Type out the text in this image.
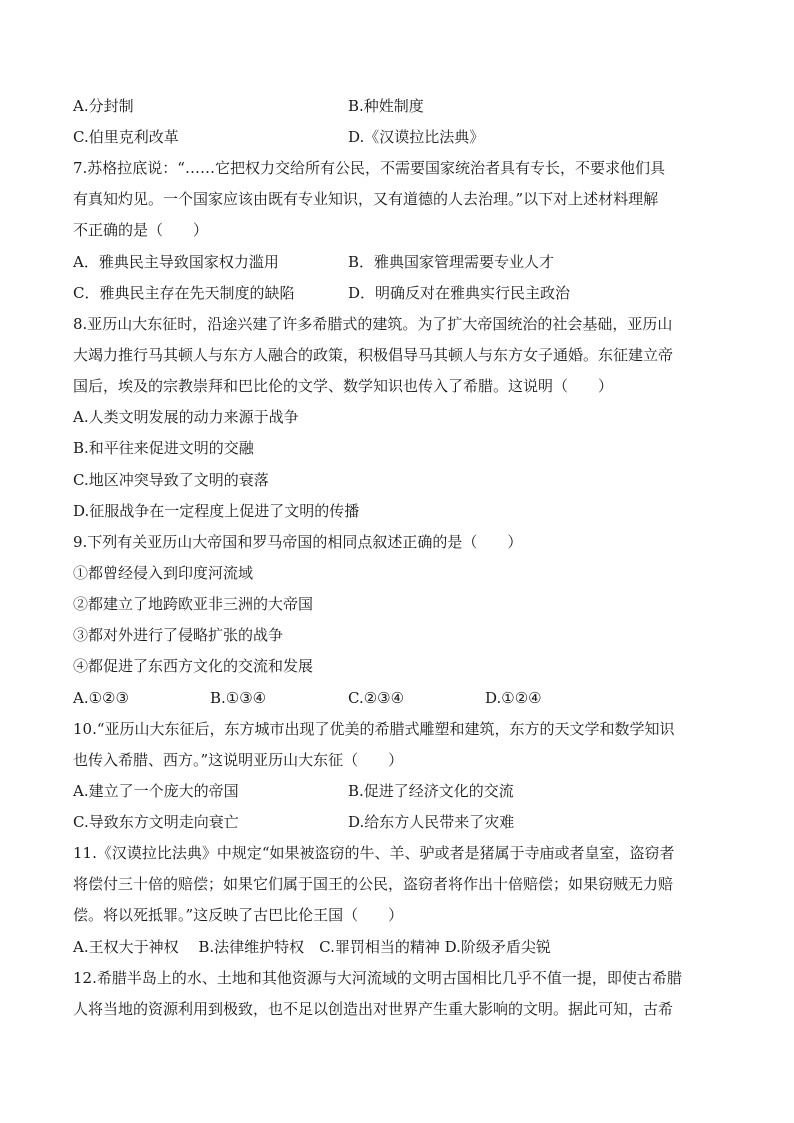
A.分封制	B.种姓制度
C.伯里克利改革	D.《汉谟拉比法典》
7.苏格拉底说：“……它把权力交给所有公民，不需要国家统治者具有专长，不要求他们具
有真知灼见。一个国家应该由既有专业知识，又有道德的人去治理。”以下对上述材料理解
不正确的是（　　）
A．雅典民主导致国家权力滥用	B．雅典国家管理需要专业人才
C．雅典民主存在先天制度的缺陷	D．明确反对在雅典实行民主政治
8.亚历山大东征时，沿途兴建了许多希腊式的建筑。为了扩大帝国统治的社会基础，亚历山
大竭力推行马其顿人与东方人融合的政策，积极倡导马其顿人与东方女子通婚。东征建立帝
国后，埃及的宗教崇拜和巴比伦的文学、数学知识也传入了希腊。这说明（　　）
A.人类文明发展的动力来源于战争
B.和平往来促进文明的交融
C.地区冲突导致了文明的衰落
D.征服战争在一定程度上促进了文明的传播
9.下列有关亚历山大帝国和罗马帝国的相同点叙述正确的是（　　）
①都曾经侵入到印度河流域
②都建立了地跨欧亚非三洲的大帝国
③都对外进行了侵略扩张的战争
④都促进了东西方文化的交流和发展
A.①②③	B.①③④	C.②③④	D.①②④
10.“亚历山大东征后，东方城市出现了优美的希腊式雕塑和建筑，东方的天文学和数学知识
也传入希腊、西方。”这说明亚历山大东征（　　）
A.建立了一个庞大的帝国	B.促进了经济文化的交流
C.导致东方文明走向衰亡	D.给东方人民带来了灾难
11.《汉谟拉比法典》中规定“如果被盗窃的牛、羊、驴或者是猪属于寺庙或者皇室，盗窃者
将偿付三十倍的赔偿；如果它们属于国王的公民，盗窃者将作出十倍赔偿；如果窃贼无力赔
偿。将以死抵罪。”这反映了古巴比伦王国（　　）
A.王权大于神权　 B.法律维护特权　C.罪罚相当的精神 D.阶级矛盾尖锐
12.希腊半岛上的水、土地和其他资源与大河流域的文明古国相比几乎不值一提，即使古希腊
人将当地的资源利用到极致，也不足以创造出对世界产生重大影响的文明。据此可知，古希
